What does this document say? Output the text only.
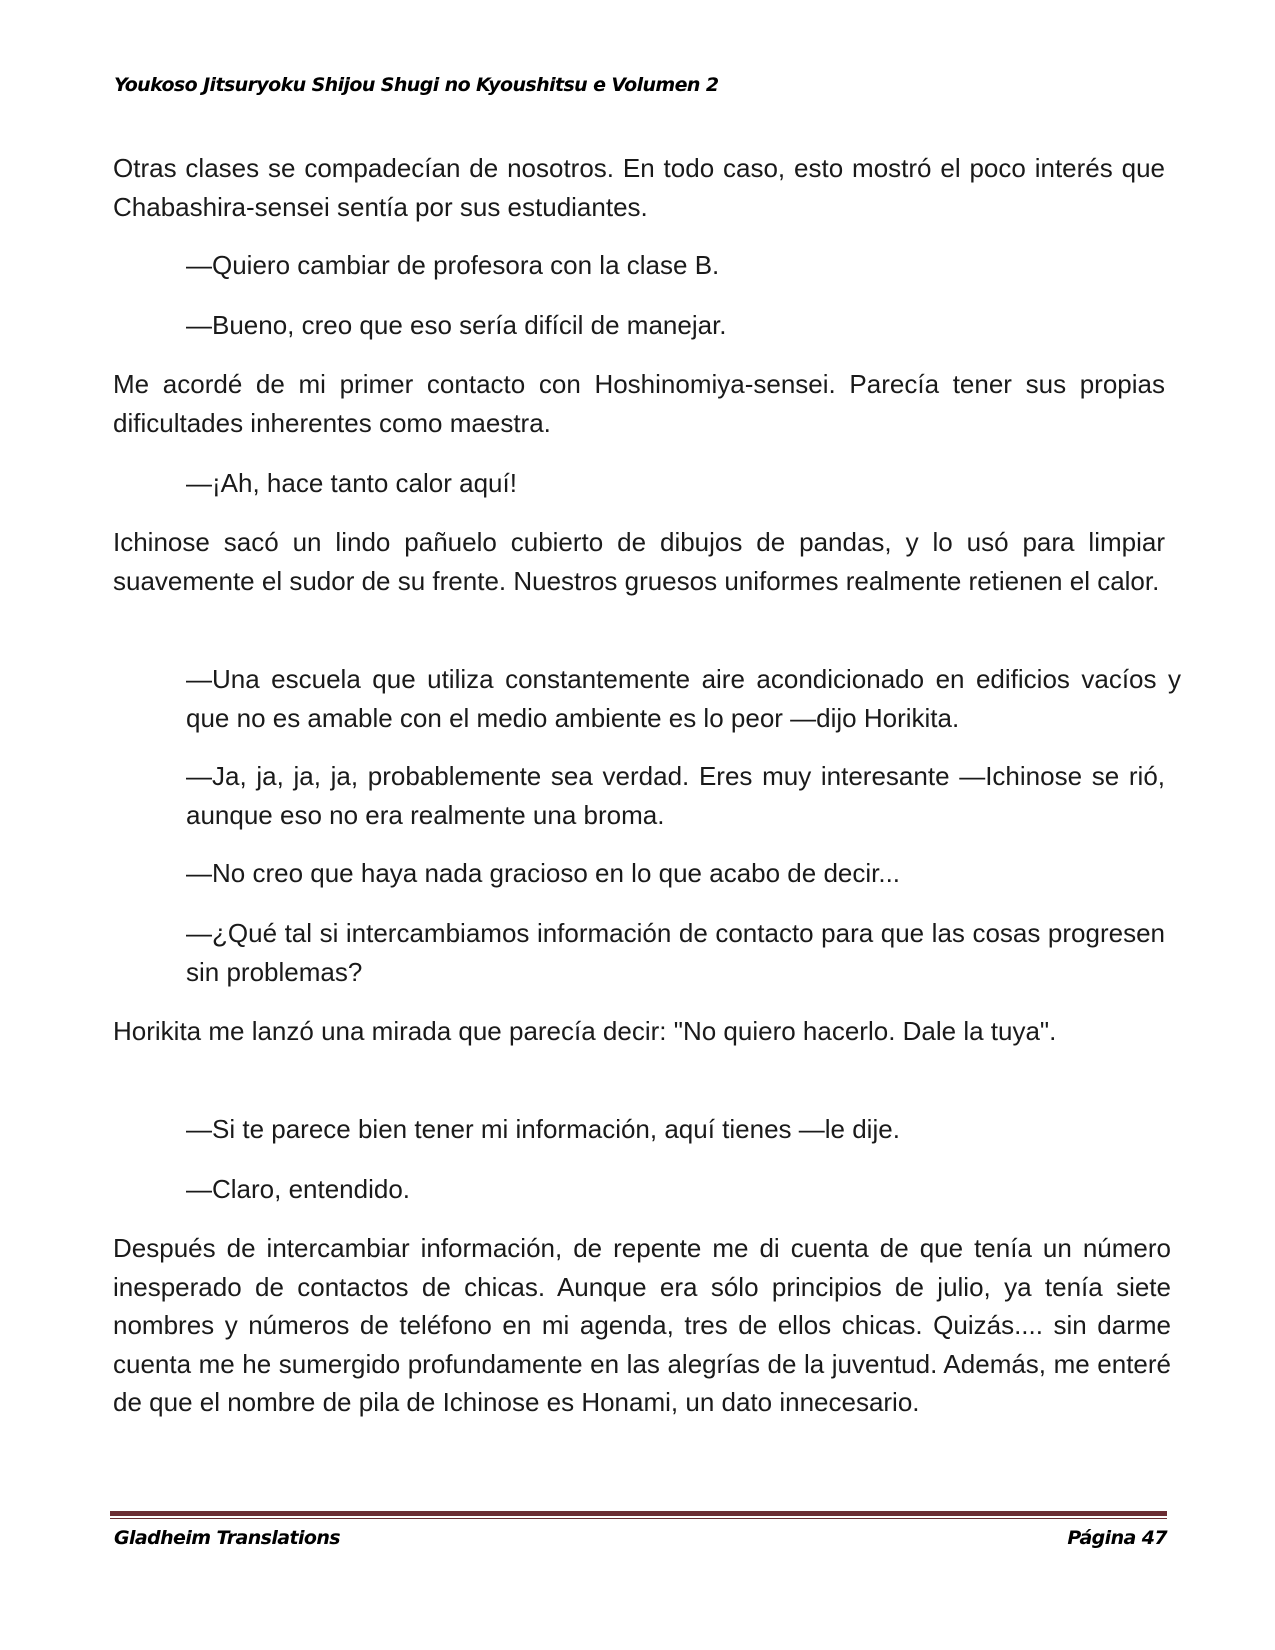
Youkoso Jitsuryoku Shijou Shugi no Kyoushitsu e Volumen 2

Otras clases se compadecían de nosotros. En todo caso, esto mostró el poco interés que Chabashira-sensei sentía por sus estudiantes.

—Quiero cambiar de profesora con la clase B.

—Bueno, creo que eso sería difícil de manejar.

Me acordé de mi primer contacto con Hoshinomiya-sensei. Parecía tener sus propias dificultades inherentes como maestra.

—¡Ah, hace tanto calor aquí!

Ichinose sacó un lindo pañuelo cubierto de dibujos de pandas, y lo usó para limpiar suavemente el sudor de su frente. Nuestros gruesos uniformes realmente retienen el calor.

—Una escuela que utiliza constantemente aire acondicionado en edificios vacíos y que no es amable con el medio ambiente es lo peor —dijo Horikita.

—Ja, ja, ja, ja, probablemente sea verdad. Eres muy interesante —Ichinose se rió, aunque eso no era realmente una broma.

—No creo que haya nada gracioso en lo que acabo de decir...

—¿Qué tal si intercambiamos información de contacto para que las cosas progresen sin problemas?

Horikita me lanzó una mirada que parecía decir: "No quiero hacerlo. Dale la tuya".

—Si te parece bien tener mi información, aquí tienes —le dije.

—Claro, entendido.

Después de intercambiar información, de repente me di cuenta de que tenía un número inesperado de contactos de chicas. Aunque era sólo principios de julio, ya tenía siete nombres y números de teléfono en mi agenda, tres de ellos chicas. Quizás.... sin darme cuenta me he sumergido profundamente en las alegrías de la juventud. Además, me enteré de que el nombre de pila de Ichinose es Honami, un dato innecesario.

Gladheim Translations	Página 47
